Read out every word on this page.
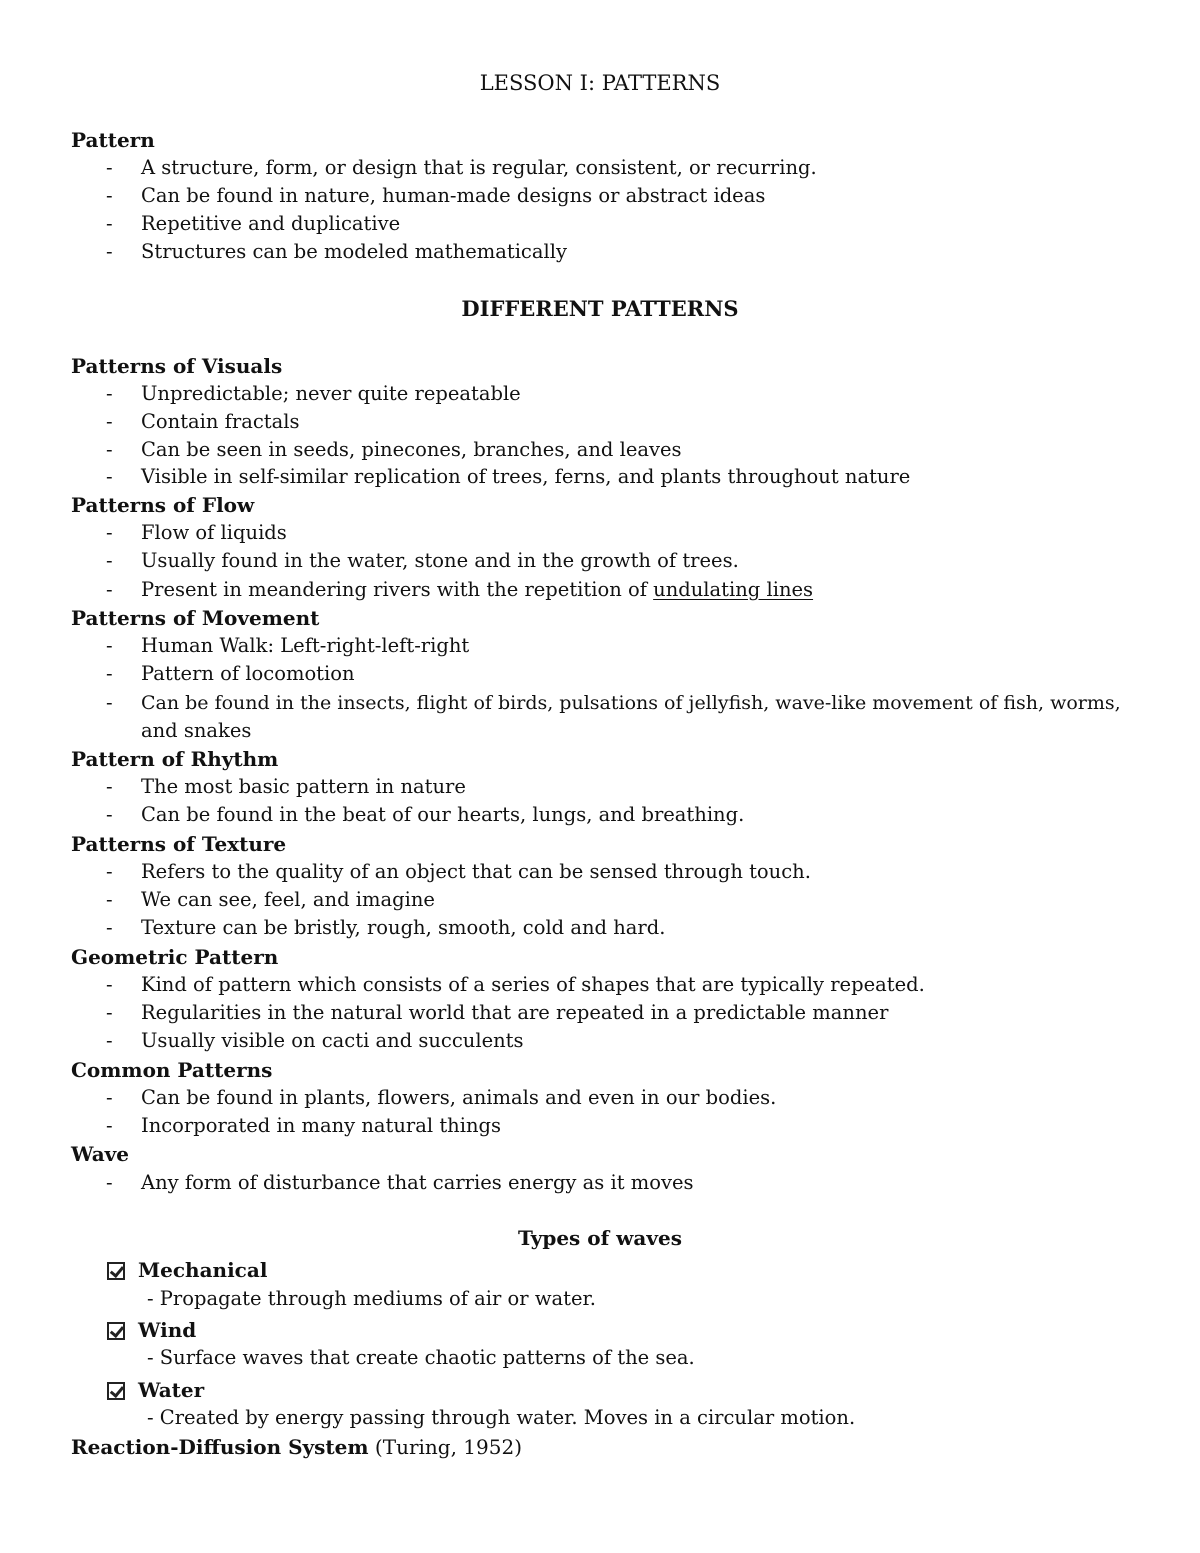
LESSON I: PATTERNS
Pattern
- A structure, form, or design that is regular, consistent, or recurring.
- Can be found in nature, human-made designs or abstract ideas
- Repetitive and duplicative
- Structures can be modeled mathematically
DIFFERENT PATTERNS
Patterns of Visuals
- Unpredictable; never quite repeatable
- Contain fractals
- Can be seen in seeds, pinecones, branches, and leaves
- Visible in self-similar replication of trees, ferns, and plants throughout nature
Patterns of Flow
- Flow of liquids
- Usually found in the water, stone and in the growth of trees.
- Present in meandering rivers with the repetition of undulating lines
Patterns of Movement
- Human Walk: Left-right-left-right
- Pattern of locomotion
- Can be found in the insects, flight of birds, pulsations of jellyfish, wave-like movement of fish, worms,
and snakes
Pattern of Rhythm
- The most basic pattern in nature
- Can be found in the beat of our hearts, lungs, and breathing.
Patterns of Texture
- Refers to the quality of an object that can be sensed through touch.
- We can see, feel, and imagine
- Texture can be bristly, rough, smooth, cold and hard.
Geometric Pattern
- Kind of pattern which consists of a series of shapes that are typically repeated.
- Regularities in the natural world that are repeated in a predictable manner
- Usually visible on cacti and succulents
Common Patterns
- Can be found in plants, flowers, animals and even in our bodies.
- Incorporated in many natural things
Wave
- Any form of disturbance that carries energy as it moves
Types of waves
Mechanical
- Propagate through mediums of air or water.
Wind
- Surface waves that create chaotic patterns of the sea.
Water
- Created by energy passing through water. Moves in a circular motion.
Reaction-Diffusion System (Turing, 1952)
